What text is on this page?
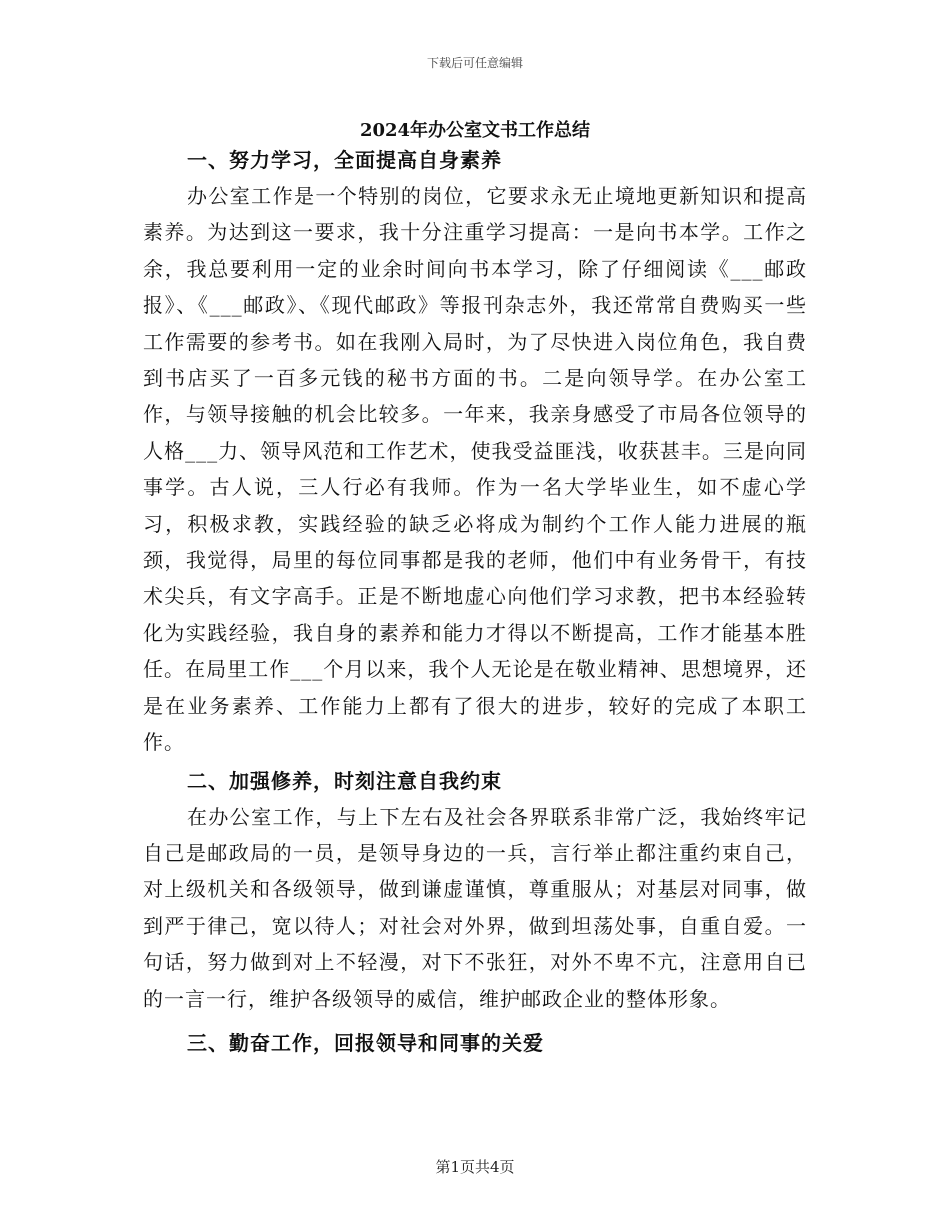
下载后可任意编辑
2024年办公室文书工作总结

一、努力学习，全面提高自身素养

办公室工作是一个特别的岗位，它要求永无止境地更新知识和提高素养。为达到这一要求，我十分注重学习提高：一是向书本学。工作之余，我总要利用一定的业余时间向书本学习，除了仔细阅读《___邮政报》、《___邮政》、《现代邮政》等报刊杂志外，我还常常自费购买一些工作需要的参考书。如在我刚入局时，为了尽快进入岗位角色，我自费到书店买了一百多元钱的秘书方面的书。二是向领导学。在办公室工作，与领导接触的机会比较多。一年来，我亲身感受了市局各位领导的人格___力、领导风范和工作艺术，使我受益匪浅，收获甚丰。三是向同事学。古人说，三人行必有我师。作为一名大学毕业生，如不虚心学习，积极求教，实践经验的缺乏必将成为制约个工作人能力进展的瓶颈，我觉得，局里的每位同事都是我的老师，他们中有业务骨干，有技术尖兵，有文字高手。正是不断地虚心向他们学习求教，把书本经验转化为实践经验，我自身的素养和能力才得以不断提高，工作才能基本胜任。在局里工作___个月以来，我个人无论是在敬业精神、思想境界，还是在业务素养、工作能力上都有了很大的进步，较好的完成了本职工作。

二、加强修养，时刻注意自我约束

在办公室工作，与上下左右及社会各界联系非常广泛，我始终牢记自己是邮政局的一员，是领导身边的一兵，言行举止都注重约束自己，对上级机关和各级领导，做到谦虚谨慎，尊重服从；对基层对同事，做到严于律己，宽以待人；对社会对外界，做到坦荡处事，自重自爱。一句话，努力做到对上不轻漫，对下不张狂，对外不卑不亢，注意用自已的一言一行，维护各级领导的威信，维护邮政企业的整体形象。

三、勤奋工作，回报领导和同事的关爱

第1页共4页
